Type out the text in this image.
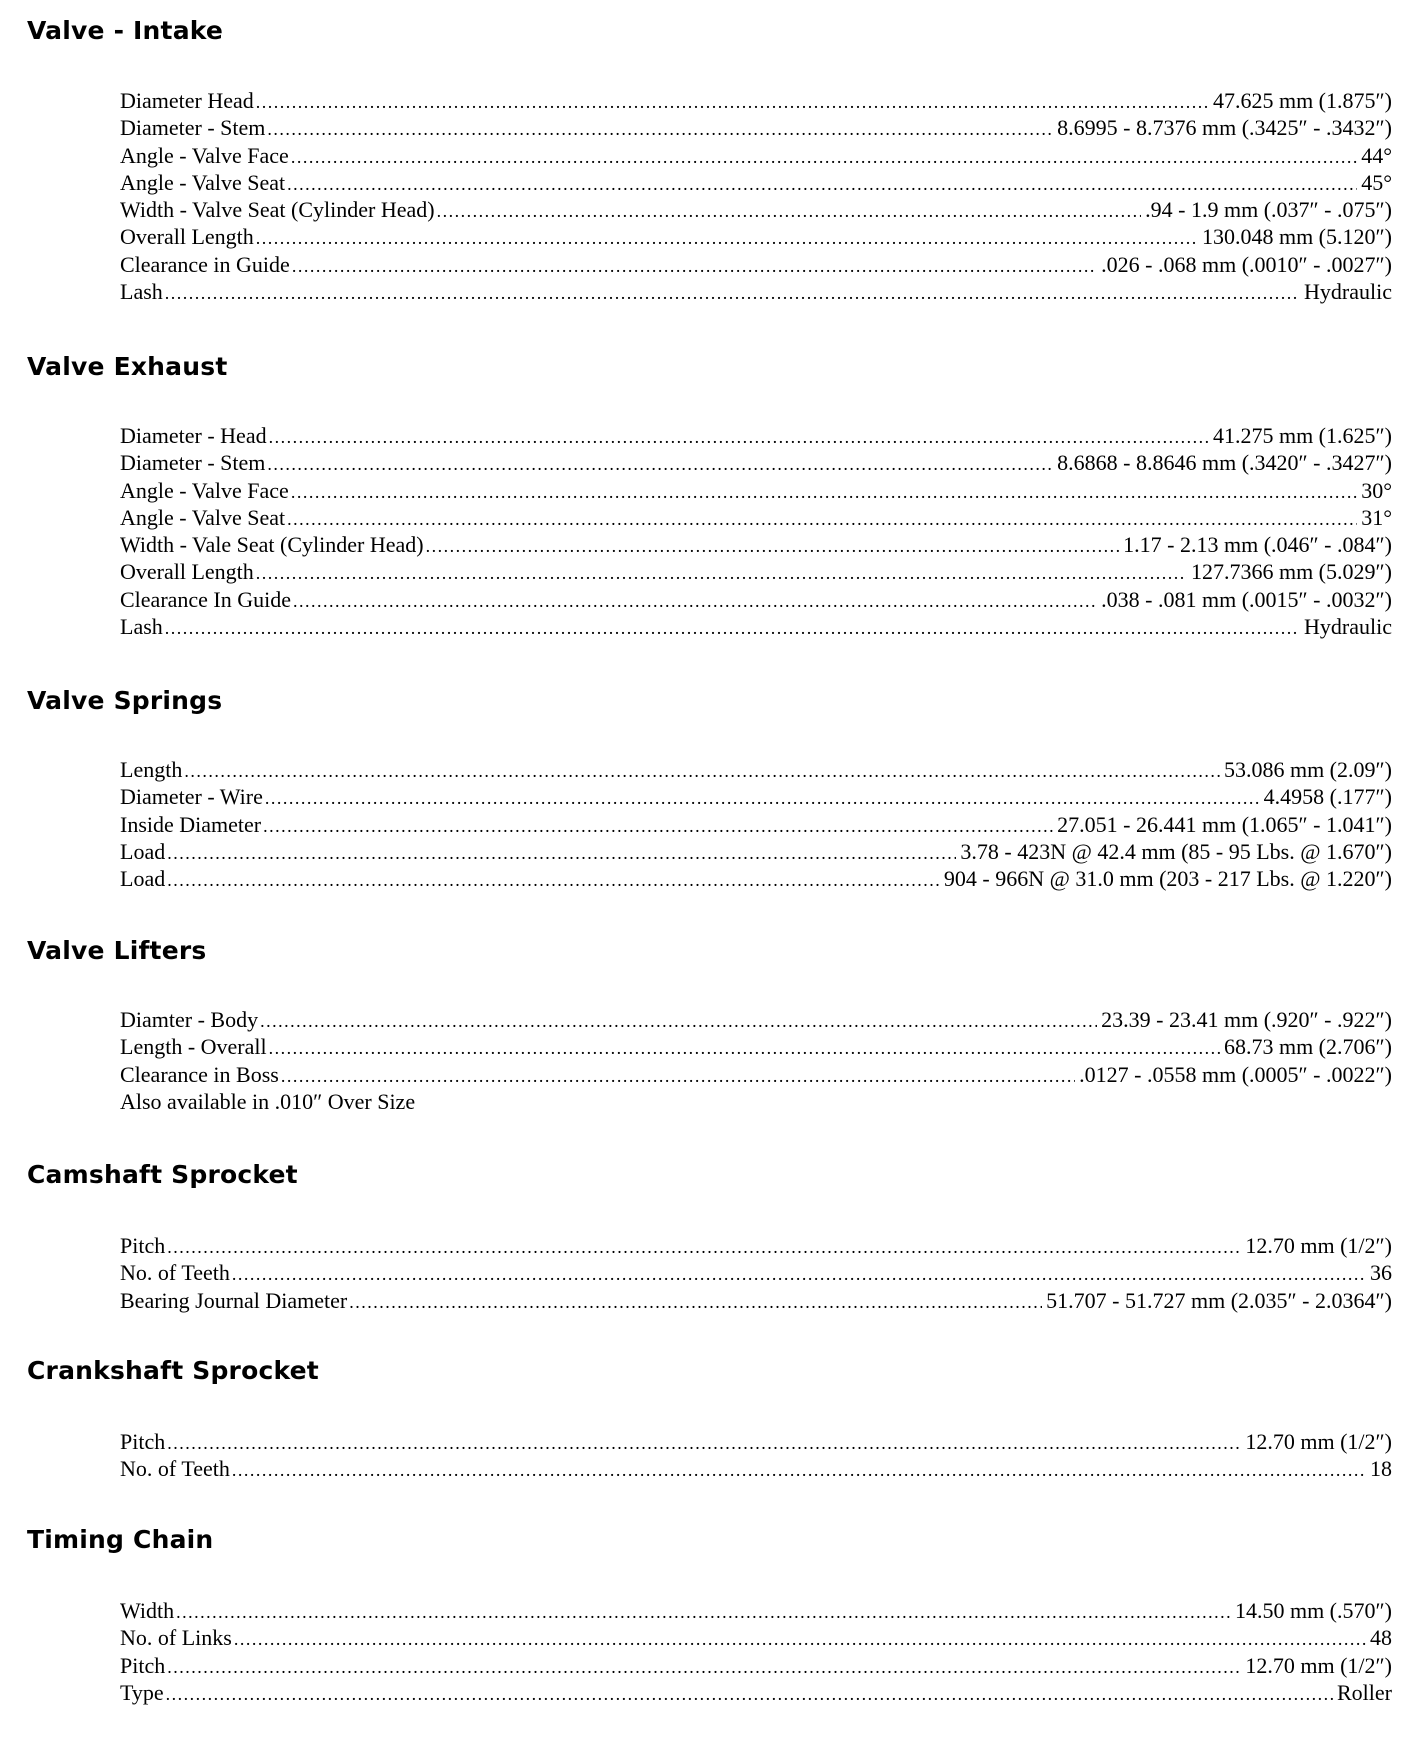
Valve - Intake
Diameter Head .....	47.625 mm (1.875″)
Diameter - Stem .....	8.6995 - 8.7376 mm (.3425″ - .3432″)
Angle - Valve Face .....	44°
Angle - Valve Seat .....	45°
Width - Valve Seat (Cylinder Head) .....	.94 - 1.9 mm (.037″ - .075″)
Overall Length .....	130.048 mm (5.120″)
Clearance in Guide .....	.026 - .068 mm (.0010″ - .0027″)
Lash .....	Hydraulic
Valve Exhaust
Diameter - Head .....	41.275 mm (1.625″)
Diameter - Stem .....	8.6868 - 8.8646 mm (.3420″ - .3427″)
Angle - Valve Face .....	30°
Angle - Valve Seat .....	31°
Width - Vale Seat (Cylinder Head) .....	1.17 - 2.13 mm (.046″ - .084″)
Overall Length .....	127.7366 mm (5.029″)
Clearance In Guide .....	.038 - .081 mm (.0015″ - .0032″)
Lash .....	Hydraulic
Valve Springs
Length .....	53.086 mm (2.09″)
Diameter - Wire .....	4.4958 (.177″)
Inside Diameter .....	27.051 - 26.441 mm (1.065″ - 1.041″)
Load .....	3.78 - 423N @ 42.4 mm (85 - 95 Lbs. @ 1.670″)
Load .....	904 - 966N @ 31.0 mm (203 - 217 Lbs. @ 1.220″)
Valve Lifters
Diamter - Body .....	23.39 - 23.41 mm (.920″ - .922″)
Length - Overall .....	68.73 mm (2.706″)
Clearance in Boss .....	.0127 - .0558 mm (.0005″ - .0022″)
Also available in .010″ Over Size
Camshaft Sprocket
Pitch .....	12.70 mm (1/2″)
No. of Teeth .....	36
Bearing Journal Diameter .....	51.707 - 51.727 mm (2.035″ - 2.0364″)
Crankshaft Sprocket
Pitch .....	12.70 mm (1/2″)
No. of Teeth .....	18
Timing Chain
Width .....	14.50 mm (.570″)
No. of Links .....	48
Pitch .....	12.70 mm (1/2″)
Type .....	Roller
